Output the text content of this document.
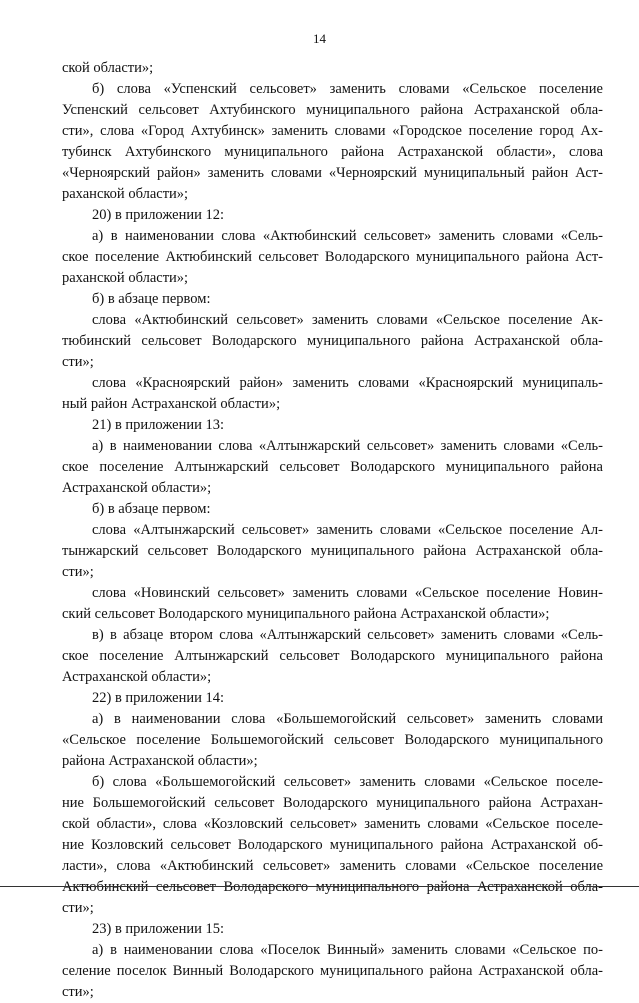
14
ской области»;
б) слова «Успенский сельсовет» заменить словами «Сельское поселение
Успенский сельсовет Ахтубинского муниципального района Астраханской обла-
сти», слова «Город Ахтубинск» заменить словами «Городское поселение город Ах-
тубинск Ахтубинского муниципального района Астраханской области», слова
«Черноярский район» заменить словами «Черноярский муниципальный район Аст-
раханской области»;
20) в приложении 12:
а) в наименовании слова «Актюбинский сельсовет» заменить словами «Сель-
ское поселение Актюбинский сельсовет Володарского муниципального района Аст-
раханской области»;
б) в абзаце первом:
слова «Актюбинский сельсовет» заменить словами «Сельское поселение Ак-
тюбинский сельсовет Володарского муниципального района Астраханской обла-
сти»;
слова «Красноярский район» заменить словами «Красноярский муниципаль-
ный район Астраханской области»;
21) в приложении 13:
а) в наименовании слова «Алтынжарский сельсовет» заменить словами «Сель-
ское поселение Алтынжарский сельсовет Володарского муниципального района
Астраханской области»;
б) в абзаце первом:
слова «Алтынжарский сельсовет» заменить словами «Сельское поселение Ал-
тынжарский сельсовет Володарского муниципального района Астраханской обла-
сти»;
слова «Новинский сельсовет» заменить словами «Сельское поселение Новин-
ский сельсовет Володарского муниципального района Астраханской области»;
в) в абзаце втором слова «Алтынжарский сельсовет» заменить словами «Сель-
ское поселение Алтынжарский сельсовет Володарского муниципального района
Астраханской области»;
22) в приложении 14:
а) в наименовании слова «Большемогойский сельсовет» заменить словами
«Сельское поселение Большемогойский сельсовет Володарского муниципального
района Астраханской области»;
б) слова «Большемогойский сельсовет» заменить словами «Сельское поселе-
ние Большемогойский сельсовет Володарского муниципального района Астрахан-
ской области», слова «Козловский сельсовет» заменить словами «Сельское поселе-
ние Козловский сельсовет Володарского муниципального района Астраханской об-
ласти», слова «Актюбинский сельсовет» заменить словами «Сельское поселение
Актюбинский сельсовет Володарского муниципального района Астраханской обла-
сти»;
23) в приложении 15:
а) в наименовании слова «Поселок Винный» заменить словами «Сельское по-
селение поселок Винный Володарского муниципального района Астраханской обла-
сти»;
